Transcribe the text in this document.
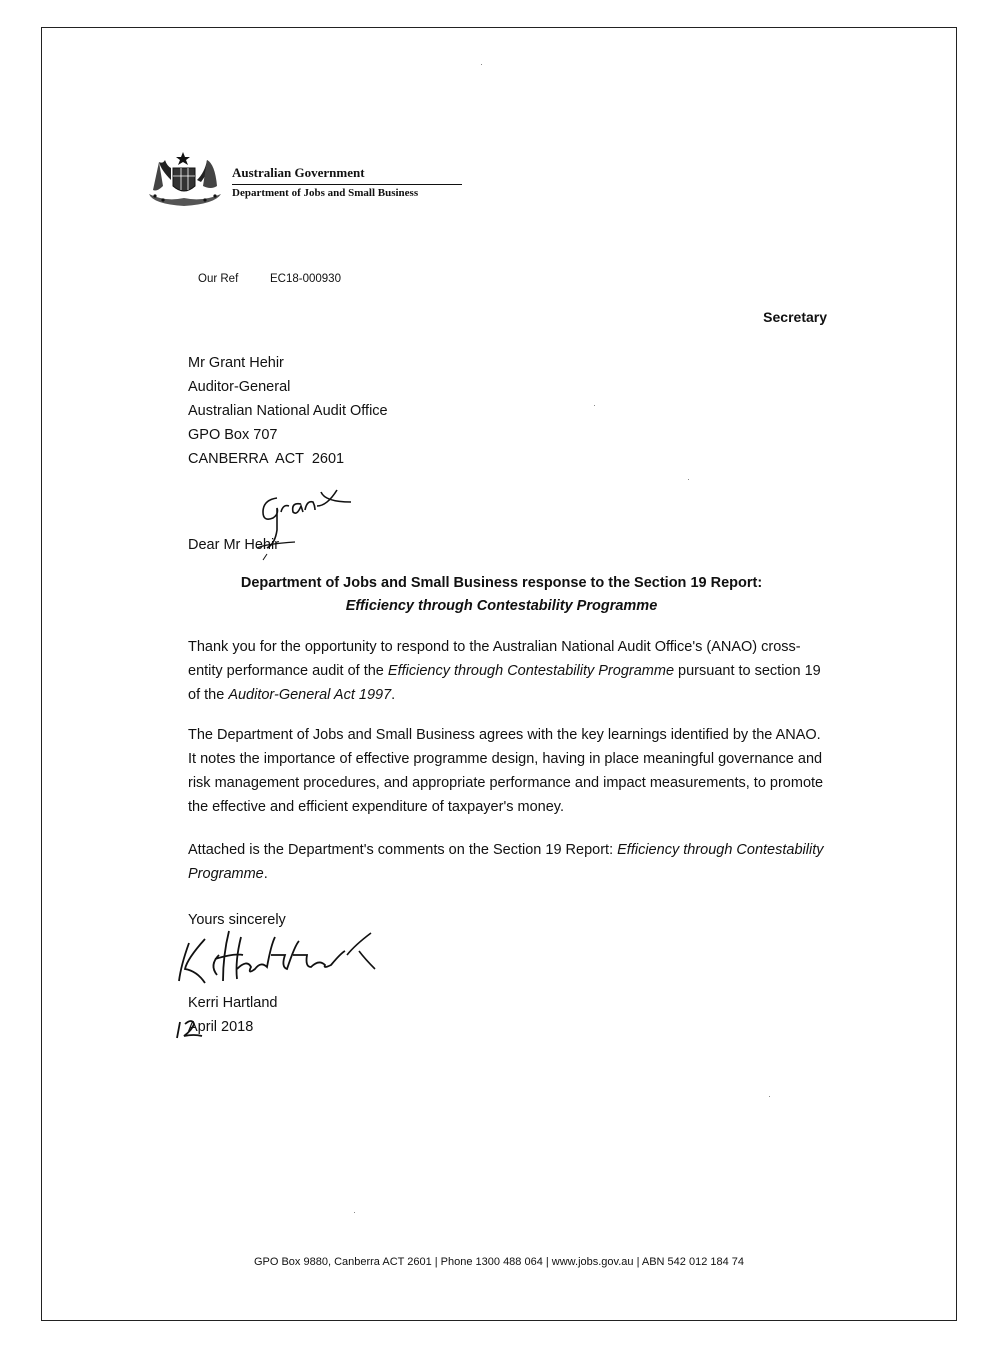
Australian Government
Department of Jobs and Small Business
Our Ref	EC18-000930
Secretary
Mr Grant Hehir
Auditor-General
Australian National Audit Office
GPO Box 707
CANBERRA  ACT  2601
Dear Mr Hehir
Department of Jobs and Small Business response to the Section 19 Report:
Efficiency through Contestability Programme
Thank you for the opportunity to respond to the Australian National Audit Office's (ANAO) cross-entity performance audit of the Efficiency through Contestability Programme pursuant to section 19 of the Auditor-General Act 1997.
The Department of Jobs and Small Business agrees with the key learnings identified by the ANAO. It notes the importance of effective programme design, having in place meaningful governance and risk management procedures, and appropriate performance and impact measurements, to promote the effective and efficient expenditure of taxpayer's money.
Attached is the Department's comments on the Section 19 Report: Efficiency through Contestability Programme.
Yours sincerely
Kerri Hartland
April 2018
GPO Box 9880, Canberra ACT 2601 | Phone 1300 488 064 | www.jobs.gov.au | ABN 542 012 184 74
